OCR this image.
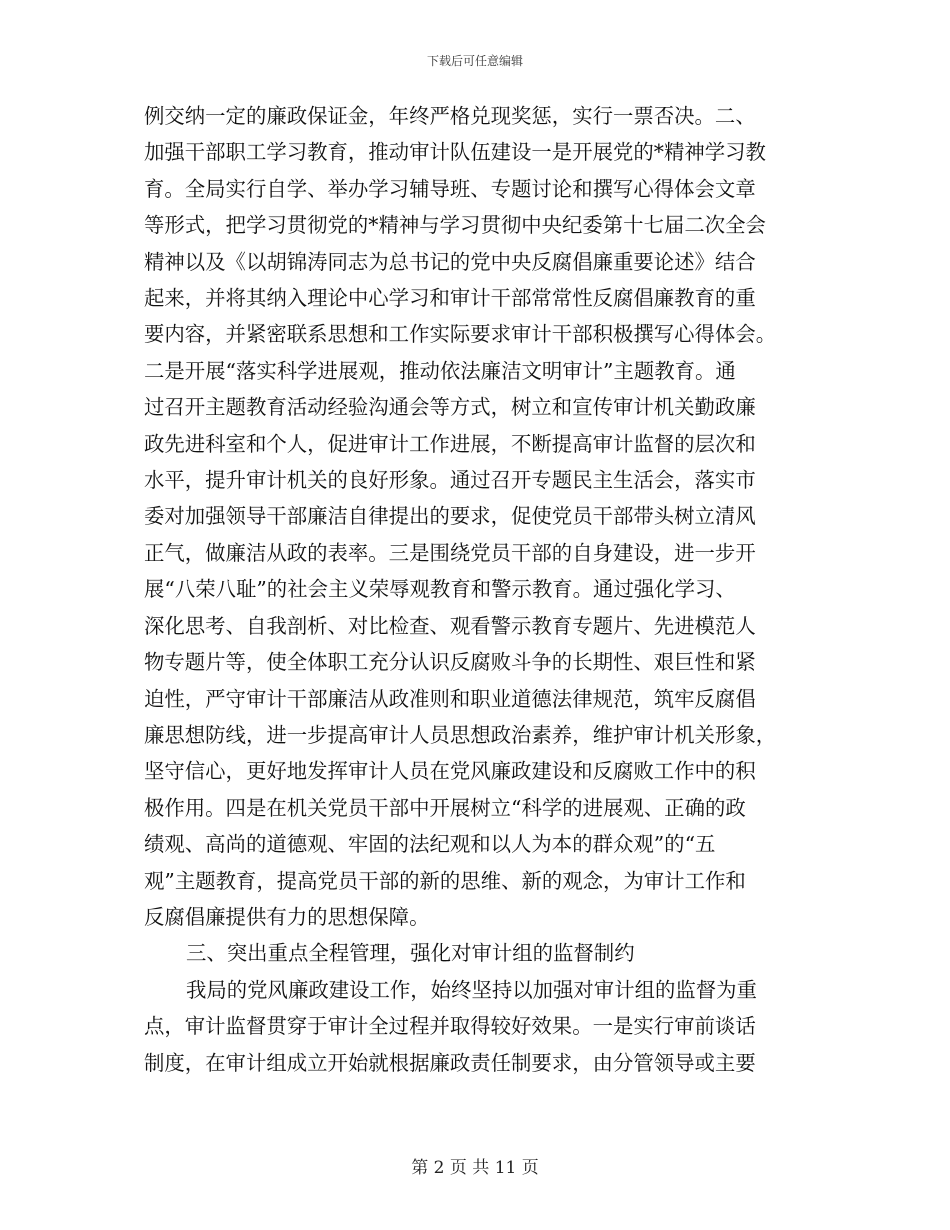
下载后可任意编辑
例交纳一定的廉政保证金，年终严格兑现奖惩，实行一票否决。二、
加强干部职工学习教育，推动审计队伍建设一是开展党的*精神学习教
育。全局实行自学、举办学习辅导班、专题讨论和撰写心得体会文章
等形式，把学习贯彻党的*精神与学习贯彻中央纪委第十七届二次全会
精神以及《以胡锦涛同志为总书记的党中央反腐倡廉重要论述》结合
起来，并将其纳入理论中心学习和审计干部常常性反腐倡廉教育的重
要内容，并紧密联系思想和工作实际要求审计干部积极撰写心得体会。
二是开展“落实科学进展观，推动依法廉洁文明审计”主题教育。通
过召开主题教育活动经验沟通会等方式，树立和宣传审计机关勤政廉
政先进科室和个人，促进审计工作进展，不断提高审计监督的层次和
水平，提升审计机关的良好形象。通过召开专题民主生活会，落实市
委对加强领导干部廉洁自律提出的要求，促使党员干部带头树立清风
正气，做廉洁从政的表率。三是围绕党员干部的自身建设，进一步开
展“八荣八耻”的社会主义荣辱观教育和警示教育。通过强化学习、
深化思考、自我剖析、对比检查、观看警示教育专题片、先进模范人
物专题片等，使全体职工充分认识反腐败斗争的长期性、艰巨性和紧
迫性，严守审计干部廉洁从政准则和职业道德法律规范，筑牢反腐倡
廉思想防线，进一步提高审计人员思想政治素养，维护审计机关形象，
坚守信心，更好地发挥审计人员在党风廉政建设和反腐败工作中的积
极作用。四是在机关党员干部中开展树立“科学的进展观、正确的政
绩观、高尚的道德观、牢固的法纪观和以人为本的群众观”的“五
观”主题教育，提高党员干部的新的思维、新的观念，为审计工作和
反腐倡廉提供有力的思想保障。
三、突出重点全程管理，强化对审计组的监督制约
我局的党风廉政建设工作，始终坚持以加强对审计组的监督为重
点，审计监督贯穿于审计全过程并取得较好效果。一是实行审前谈话
制度，在审计组成立开始就根据廉政责任制要求，由分管领导或主要
第 2 页 共 11 页
